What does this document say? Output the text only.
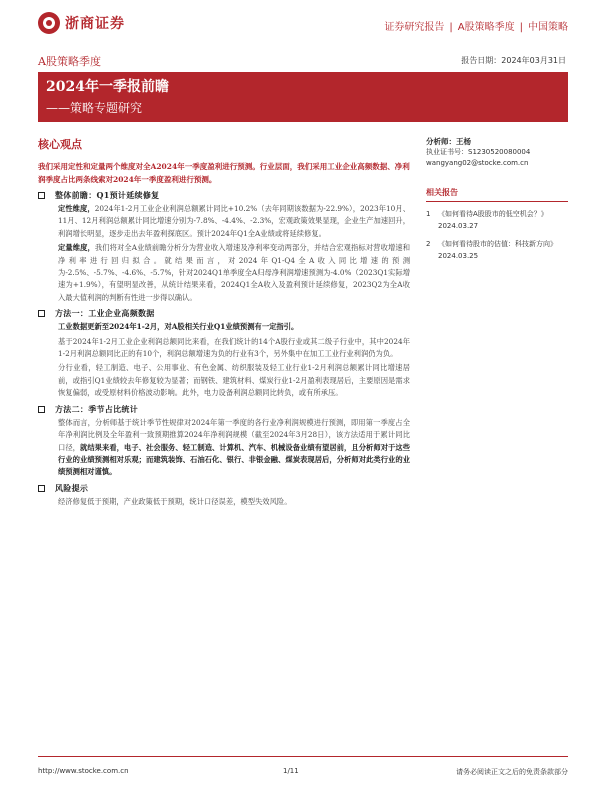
浙商证券	证券研究报告 | A股策略季度 | 中国策略
A股策略季度	报告日期：2024年03月31日
2024年一季报前瞻
——策略专题研究
核心观点
我们采用定性和定量两个维度对全A2024年一季度盈利进行预测。行业层面，我们采用工业企业高频数据、净利润季度占比两条线索对2024年一季度盈利进行预测。
整体前瞻：Q1预计延续修复

定性维度，2024年1-2月工业企业利润总额累计同比+10.2%（去年同期该数据为-22.9%），2023年10月、11月、12月利润总额累计同比增速分别为-7.8%、-4.4%、-2.3%，宏观政策效果显现，企业生产加速回升，利润增长明显，逐步走出去年盈利探底区。预计2024年Q1全A业绩或将延续修复。

定量维度，我们将对全A业绩前瞻分析分为营业收入增速及净利率变动两部分，并结合宏观指标对营收增速和净利率进行回归拟合。就结果而言，对2024年Q1-Q4全A收入同比增速的预测为-2.5%、-5.7%、-4.6%、-5.7%，针对2024Q1单季度全A归母净利润增速预测为-4.0%（2023Q1实际增速为+1.9%），有望明显改善，从统计结果来看，2024Q1全A收入及盈利预计延续修复，2023Q2为全A收入最大值利润的判断有性进一步得以确认。

方法一：工业企业高频数据

工业数据更新至2024年1-2月，对A股相关行业Q1业绩预测有一定指引。

基于2024年1-2月工业企业利润总额同比来看，在我们统计的14个A股行业或其二级子行业中，其中2024年1-2月利润总额同比正的有10个，利润总额增速为负的行业有3个，另外集中在加工工业行业利润仍为负。

分行业看，轻工制造、电子、公用事业、有色金属、纺织服装及轻工业行业1-2月利润总额累计同比增速居前，或指引Q1业绩较去年修复较为显著；而钢铁、建筑材料、煤炭行业1-2月盈利表现居后，主要原因是需求恢复偏弱，或受原材料价格波动影响。此外，电力设备利润总额同比转负，或有所承压。

方法二：季节占比统计

整体而言，分析师基于统计季节性规律对2024年第一季度的各行业净利润规模进行预测，即用第一季度占全年净利润比例及全年盈利一致预期推算2024年净利润规模（截至2024年3月28日），该方法适用于累计同比口径，就结果来看，电子、社会服务、轻工制造、计算机、汽车、机械设备业绩有望居前，且分析师对于这些行业的业绩预测相对乐观；而建筑装饰、石油石化、银行、非银金融、煤炭表现居后，分析师对此类行业的业绩预测相对谨慎。

风险提示

经济修复低于预期，产业政策低于预期，统计口径误差，模型失效风险。

分析师：王杨
执业证书号：S1230520080004
wangyang02@stocke.com.cn
相关报告
1	《如何看待A股股市的低空机会？》 2024.03.27
2	《如何看待股市的估值：科技新方向》 2024.03.25
http://www.stocke.com.cn	1/11	请务必阅读正文之后的免责条款部分
